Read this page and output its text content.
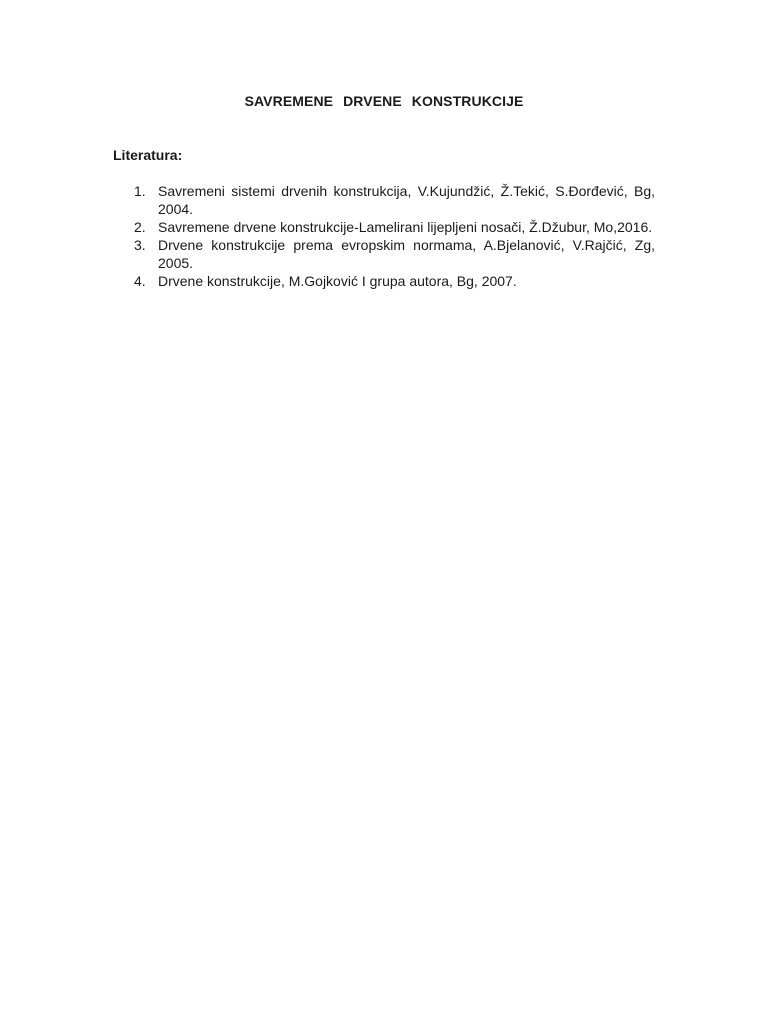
SAVREMENE DRVENE KONSTRUKCIJE
Literatura:
1. Savremeni sistemi drvenih konstrukcija, V.Kujundžić, Ž.Tekić, S.Đorđević, Bg, 2004.
2. Savremene drvene konstrukcije-Lamelirani lijepljeni nosači, Ž.Džubur, Mo,2016.
3. Drvene konstrukcije prema evropskim normama, A.Bjelanović, V.Rajčić, Zg, 2005.
4. Drvene konstrukcije, M.Gojković I grupa autora, Bg, 2007.
